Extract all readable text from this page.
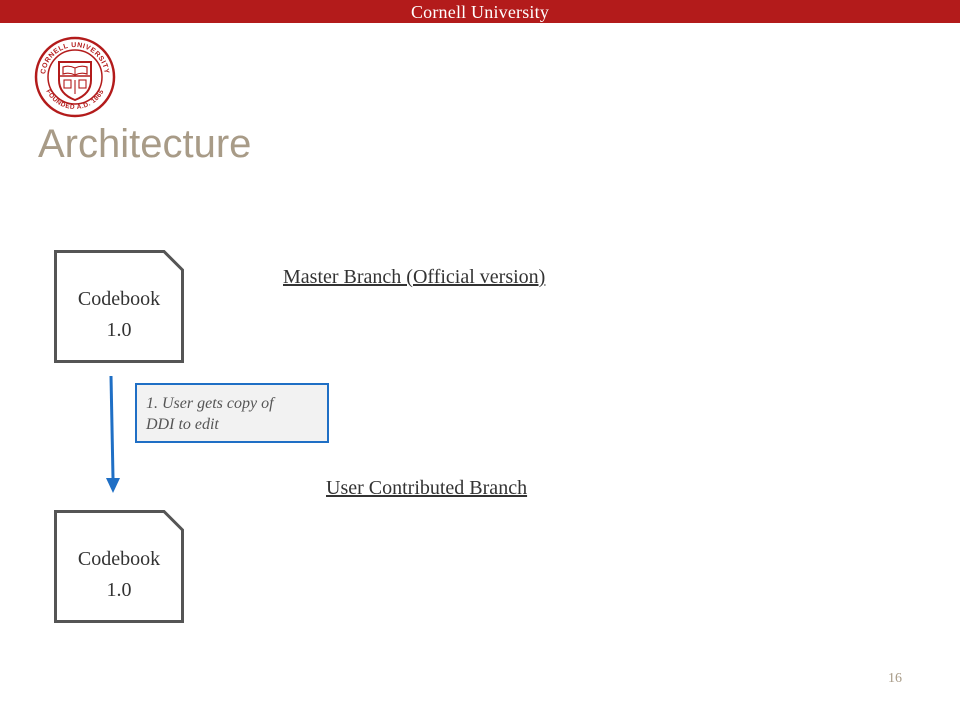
Cornell University
CORNELL UNIVERSITY
FOUNDED A.D. 1865
Architecture
Codebook
1.0
Master Branch (Official version)
1. User gets copy of
DDI to edit
User Contributed Branch
Codebook
1.0
16
